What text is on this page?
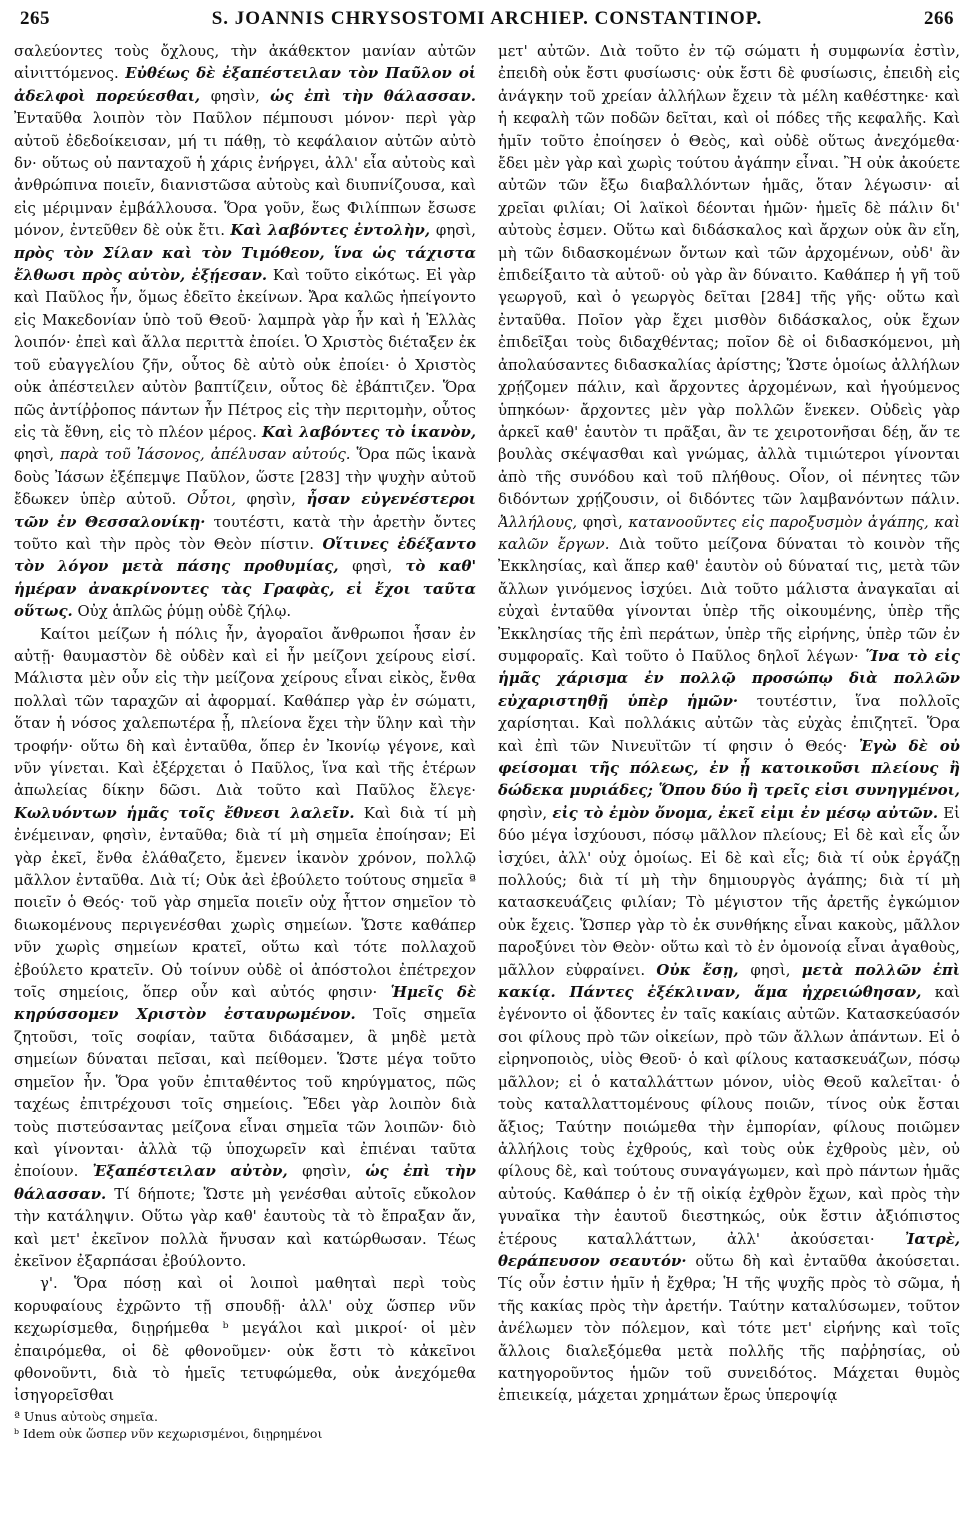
265	S. JOANNIS CHRYSOSTOMI ARCHIEP. CONSTANTINOP.	266

σαλεύοντες τοὺς ὄχλους, τὴν ἀκάθεκτον μανίαν αὐτῶν αἰνιττόμενος. Εὐθέως δὲ ἐξαπέστειλαν τὸν Παῦλον οἱ ἀδελφοὶ πορεύεσθαι, φησὶν, ὡς ἐπὶ τὴν θάλασσαν. Ἐνταῦθα λοιπὸν τὸν Παῦλον πέμπουσι μόνον· περὶ γὰρ αὐτοῦ ἐδεδοίκεισαν, μή τι πάθῃ, τὸ κεφάλαιον αὐτῶν αὐτὸ δν· οὕτως οὐ πανταχοῦ ἡ χάρις ἐνήργει, ἀλλ' εἶα αὐτοὺς καὶ ἀνθρώπινα ποιεῖν, διανιστῶσα αὐτοὺς καὶ διυπνίζουσα, καὶ εἰς μέριμναν ἐμβάλλουσα. Ὅρα γοῦν, ἕως Φιλίππων ἔσωσε μόνον, ἐντεῦθεν δὲ οὐκ ἔτι. Καὶ λαβόντες ἐντολὴν, φησὶ, πρὸς τὸν Σίλαν καὶ τὸν Τιμόθεον, ἵνα ὡς τάχιστα ἔλθωσι πρὸς αὐτὸν, ἐξῄεσαν. Καὶ τοῦτο εἰκότως. Εἰ γὰρ καὶ Παῦλος ἦν, ὅμως ἐδεῖτο ἐκείνων. Ἄρα καλῶς ἠπείγοντο εἰς Μακεδονίαν ὑπὸ τοῦ Θεοῦ· λαμπρὰ γὰρ ἦν καὶ ἡ Ἑλλὰς λοιπόν· ἐπεὶ καὶ ἄλλα περιττὰ ἐποίει. Ὁ Χριστὸς διέταξεν ἐκ τοῦ εὐαγγελίου ζῆν, οὗτος δὲ αὐτὸ οὐκ ἐποίει· ὁ Χριστὸς οὐκ ἀπέστειλεν αὐτὸν βαπτίζειν, οὗτος δὲ ἐβάπτιζεν. Ὅρα πῶς ἀντίῤῥοπος πάντων ἦν Πέτρος εἰς τὴν περιτομὴν, οὗτος εἰς τὰ ἔθνη, εἰς τὸ πλέον μέρος. Καὶ λαβόντες τὸ ἱκανὸν, φησὶ, παρὰ τοῦ Ἰάσονος, ἀπέλυσαν αὐτούς. Ὅρα πῶς ἱκανὰ δοὺς Ἰάσων ἐξέπεμψε Παῦλον, ὥστε [283] τὴν ψυχὴν αὐτοῦ ἔδωκεν ὑπὲρ αὐτοῦ. Οὗτοι, φησὶν, ἦσαν εὐγενέστεροι τῶν ἐν Θεσσαλονίκῃ· τουτέστι, κατὰ τὴν ἀρετὴν ὄντες τοῦτο καὶ τὴν πρὸς τὸν Θεὸν πίστιν. Οἵτινες ἐδέξαντο τὸν λόγον μετὰ πάσης προθυμίας, φησὶ, τὸ καθ' ἡμέραν ἀνακρίνοντες τὰς Γραφὰς, εἰ ἔχοι ταῦτα οὕτως. Οὐχ ἁπλῶς ῥύμῃ οὐδὲ ζήλῳ.

Καίτοι μείζων ἡ πόλις ἦν, ἀγοραῖοι ἄνθρωποι ἦσαν ἐν αὐτῇ· θαυμαστὸν δὲ οὐδὲν καὶ εἰ ἦν μείζονι χείρους εἰσί. Μάλιστα μὲν οὖν εἰς τὴν μείζονα χείρους εἶναι εἰκὸς, ἔνθα πολλαὶ τῶν ταραχῶν αἱ ἀφορμαί. Καθάπερ γὰρ ἐν σώματι, ὅταν ἡ νόσος χαλεπωτέρα ᾖ, πλείονα ἔχει τὴν ὕλην καὶ τὴν τροφήν· οὕτω δὴ καὶ ἐνταῦθα, ὅπερ ἐν Ἰκονίῳ γέγονε, καὶ νῦν γίνεται. Καὶ ἐξέρχεται ὁ Παῦλος, ἵνα καὶ τῆς ἑτέρων ἀπωλείας δίκην δῶσι. Διὰ τοῦτο καὶ Παῦλος ἔλεγε· Κωλυόντων ἡμᾶς τοῖς ἔθνεσι λαλεῖν. Καὶ διὰ τί μὴ ἐνέμειναν, φησὶν, ἐνταῦθα; διὰ τί μὴ σημεῖα ἐποίησαν; Εἰ γὰρ ἐκεῖ, ἔνθα ἐλάθαζετο, ἔμενεν ἱκανὸν χρόνον, πολλῷ μᾶλλον ἐνταῦθα. Διὰ τί; Οὐκ ἀεὶ ἐβούλετο τούτους σημεῖα ª ποιεῖν ὁ Θεός· τοῦ γὰρ σημεῖα ποιεῖν οὐχ ἧττον σημεῖον τὸ διωκομένους περιγενέσθαι χωρὶς σημείων. Ὥστε καθάπερ νῦν χωρὶς σημείων κρατεῖ, οὕτω καὶ τότε πολλαχοῦ ἐβούλετο κρατεῖν. Οὐ τοίνυν οὐδὲ οἱ ἀπόστολοι ἐπέτρεχον τοῖς σημείοις, ὅπερ οὖν καὶ αὐτός φησιν· Ἡμεῖς δὲ κηρύσσομεν Χριστὸν ἐσταυρωμένον. Τοῖς σημεῖα ζητοῦσι, τοῖς σοφίαν, ταῦτα διδάσαμεν, ἃ μηδὲ μετὰ σημείων δύναται πεῖσαι, καὶ πείθομεν. Ὥστε μέγα τοῦτο σημεῖον ἦν. Ὅρα γοῦν ἐπιταθέντος τοῦ κηρύγματος, πῶς ταχέως ἐπιτρέχουσι τοῖς σημείοις. Ἔδει γὰρ λοιπὸν διὰ τοὺς πιστεύσαντας μείζονα εἶναι σημεῖα τῶν λοιπῶν· διὸ καὶ γίνονται· ἀλλὰ τῷ ὑποχωρεῖν καὶ ἐπιέναι ταῦτα ἐποίουν. Ἐξαπέστειλαν αὐτὸν, φησὶν, ὡς ἐπὶ τὴν θάλασσαν. Τί δήποτε; Ὥστε μὴ γενέσθαι αὐτοῖς εὔκολον τὴν κατάληψιν. Οὕτω γὰρ καθ' ἑαυτοὺς τὰ τὸ ἔπραξαν ἄν, καὶ μετ' ἐκεῖνον πολλὰ ἤνυσαν καὶ κατώρθωσαν. Τέως ἐκεῖνον ἐξαρπάσαι ἐβούλοντο.

γ'. Ὅρα πόσῃ καὶ οἱ λοιποὶ μαθηταὶ περὶ τοὺς κορυφαίους ἐχρῶντο τῇ σπουδῇ· ἀλλ' οὐχ ὥσπερ νῦν κεχωρίσμεθα, διῃρήμεθα ᵇ μεγάλοι καὶ μικροί· οἱ μὲν ἐπαιρόμεθα, οἱ δὲ φθονοῦμεν· οὐκ ἔστι τὸ κἀκεῖνοι φθονοῦντι, διὰ τὸ ἡμεῖς τετυφώμεθα, οὐκ ἀνεχόμεθα ἰσηγορεῖσθαι

ª Unus αὐτοὺς σημεῖα.
ᵇ Idem οὐκ ὥσπερ νῦν κεχωρισμένοι, διῃρημένοι

μετ' αὐτῶν. Διὰ τοῦτο ἐν τῷ σώματι ἡ συμφωνία ἐστὶν, ἐπειδὴ οὐκ ἔστι φυσίωσις· οὐκ ἔστι δὲ φυσίωσις, ἐπειδὴ εἰς ἀνάγκην τοῦ χρείαν ἀλλήλων ἔχειν τὰ μέλη καθέστηκε· καὶ ἡ κεφαλὴ τῶν ποδῶν δεῖται, καὶ οἱ πόδες τῆς κεφαλῆς. Καὶ ἡμῖν τοῦτο ἐποίησεν ὁ Θεὸς, καὶ οὐδὲ οὕτως ἀνεχόμεθα· ἔδει μὲν γὰρ καὶ χωρὶς τούτου ἀγάπην εἶναι. Ἢ οὐκ ἀκούετε αὐτῶν τῶν ἔξω διαβαλλόντων ἡμᾶς, ὅταν λέγωσιν· αἱ χρεῖαι φιλίαι; Οἱ λαϊκοὶ δέονται ἡμῶν· ἡμεῖς δὲ πάλιν δι' αὐτοὺς ἐσμεν. Οὕτω καὶ διδάσκαλος καὶ ἄρχων οὐκ ἂν εἴη, μὴ τῶν διδασκομένων ὄντων καὶ τῶν ἀρχομένων, οὐδ' ἂν ἐπιδείξαιτο τὰ αὐτοῦ· οὐ γὰρ ἂν δύναιτο. Καθάπερ ἡ γῆ τοῦ γεωργοῦ, καὶ ὁ γεωργὸς δεῖται [284] τῆς γῆς· οὕτω καὶ ἐνταῦθα. Ποῖον γὰρ ἔχει μισθὸν διδάσκαλος, οὐκ ἔχων ἐπιδεῖξαι τοὺς διδαχθέντας; ποῖον δὲ οἱ διδασκόμενοι, μὴ ἀπολαύσαντες διδασκαλίας ἀρίστης; Ὥστε ὁμοίως ἀλλήλων χρῄζομεν πάλιν, καὶ ἄρχοντες ἀρχομένων, καὶ ἡγούμενος ὑπηκόων· ἄρχοντες μὲν γὰρ πολλῶν ἕνεκεν. Οὐδεὶς γὰρ ἀρκεῖ καθ' ἑαυτὸν τι πρᾶξαι, ἂν τε χειροτονῆσαι δέῃ, ἄν τε βουλὰς σκέψασθαι καὶ γνώμας, ἀλλὰ τιμιώτεροι γίνονται ἀπὸ τῆς συνόδου καὶ τοῦ πλήθους. Οἷον, οἱ πένητες τῶν διδόντων χρῄζουσιν, οἱ διδόντες τῶν λαμβανόντων πάλιν. Ἀλλήλους, φησὶ, κατανοοῦντες εἰς παροξυσμὸν ἀγάπης, καὶ καλῶν ἔργων. Διὰ τοῦτο μείζονα δύναται τὸ κοινὸν τῆς Ἐκκλησίας, καὶ ἅπερ καθ' ἑαυτὸν οὐ δύναταί τις, μετὰ τῶν ἄλλων γινόμενος ἰσχύει. Διὰ τοῦτο μάλιστα ἀναγκαῖαι αἱ εὐχαὶ ἐνταῦθα γίνονται ὑπὲρ τῆς οἰκουμένης, ὑπὲρ τῆς Ἐκκλησίας τῆς ἐπὶ περάτων, ὑπὲρ τῆς εἰρήνης, ὑπὲρ τῶν ἐν συμφοραῖς. Καὶ τοῦτο ὁ Παῦλος δηλοῖ λέγων· Ἵνα τὸ εἰς ἡμᾶς χάρισμα ἐν πολλῷ προσώπῳ διὰ πολλῶν εὐχαριστηθῇ ὑπὲρ ἡμῶν· τουτέστιν, ἵνα πολλοῖς χαρίσηται. Καὶ πολλάκις αὐτῶν τὰς εὐχὰς ἐπιζητεῖ. Ὅρα καὶ ἐπὶ τῶν Νινευϊτῶν τί φησιν ὁ Θεός· Ἐγὼ δὲ οὐ φείσομαι τῆς πόλεως, ἐν ᾗ κατοικοῦσι πλείους ἢ δώδεκα μυριάδες; Ὅπου δύο ἢ τρεῖς εἰσι συνηγμένοι, φησὶν, εἰς τὸ ἐμὸν ὄνομα, ἐκεῖ εἰμι ἐν μέσῳ αὐτῶν. Εἰ δύο μέγα ἰσχύουσι, πόσῳ μᾶλλον πλείους; Εἰ δὲ καὶ εἷς ὧν ἰσχύει, ἀλλ' οὐχ ὁμοίως. Εἰ δὲ καὶ εἷς; διὰ τί οὐκ ἐργάζῃ πολλούς; διὰ τί μὴ τὴν δημιουργὸς ἀγάπης; διὰ τί μὴ κατασκευάζεις φιλίαν; Τὸ μέγιστον τῆς ἀρετῆς ἐγκώμιον οὐκ ἔχεις. Ὥσπερ γὰρ τὸ ἐκ συνθήκης εἶναι κακοὺς, μᾶλλον παροξύνει τὸν Θεὸν· οὕτω καὶ τὸ ἐν ὁμονοίᾳ εἶναι ἀγαθοὺς, μᾶλλον εὐφραίνει. Οὐκ ἔσῃ, φησὶ, μετὰ πολλῶν ἐπὶ κακίᾳ. Πάντες ἐξέκλιναν, ἅμα ἠχρειώθησαν, καὶ ἐγένοντο οἱ ᾄδοντες ἐν ταῖς κακίαις αὐτῶν. Κατασκεύασόν σοι φίλους πρὸ τῶν οἰκείων, πρὸ τῶν ἄλλων ἁπάντων. Εἰ ὁ εἰρηνοποιὸς, υἱὸς Θεοῦ· ὁ καὶ φίλους κατασκευάζων, πόσῳ μᾶλλον; εἰ ὁ καταλλάττων μόνον, υἱὸς Θεοῦ καλεῖται· ὁ τοὺς καταλλαττομένους φίλους ποιῶν, τίνος οὐκ ἔσται ἄξιος; Ταύτην ποιώμεθα τὴν ἐμπορίαν, φίλους ποιῶμεν ἀλλήλοις τοὺς ἐχθρούς, καὶ τοὺς οὐκ ἐχθροὺς μὲν, οὐ φίλους δὲ, καὶ τούτους συναγάγωμεν, καὶ πρὸ πάντων ἡμᾶς αὐτούς. Καθάπερ ὁ ἐν τῇ οἰκίᾳ ἐχθρὸν ἔχων, καὶ πρὸς τὴν γυναῖκα τὴν ἑαυτοῦ διεστηκώς, οὐκ ἔστιν ἀξιόπιστος ἑτέρους καταλλάττων, ἀλλ' ἀκούσεται· Ἰατρὲ, θεράπευσον σεαυτόν· οὕτω δὴ καὶ ἐνταῦθα ἀκούσεται. Τίς οὖν ἐστιν ἡμῖν ἡ ἔχθρα; Ἡ τῆς ψυχῆς πρὸς τὸ σῶμα, ἡ τῆς κακίας πρὸς τὴν ἀρετήν. Ταύτην καταλύσωμεν, τοῦτον ἀνέλωμεν τὸν πόλεμον, καὶ τότε μετ' εἰρήνης καὶ τοῖς ἄλλοις διαλεξόμεθα μετὰ πολλῆς τῆς παῤῥησίας, οὐ κατηγοροῦντος ἡμῶν τοῦ συνειδότος. Μάχεται θυμὸς ἐπιεικείᾳ, μάχεται χρημάτων ἔρως ὑπεροψίᾳ
